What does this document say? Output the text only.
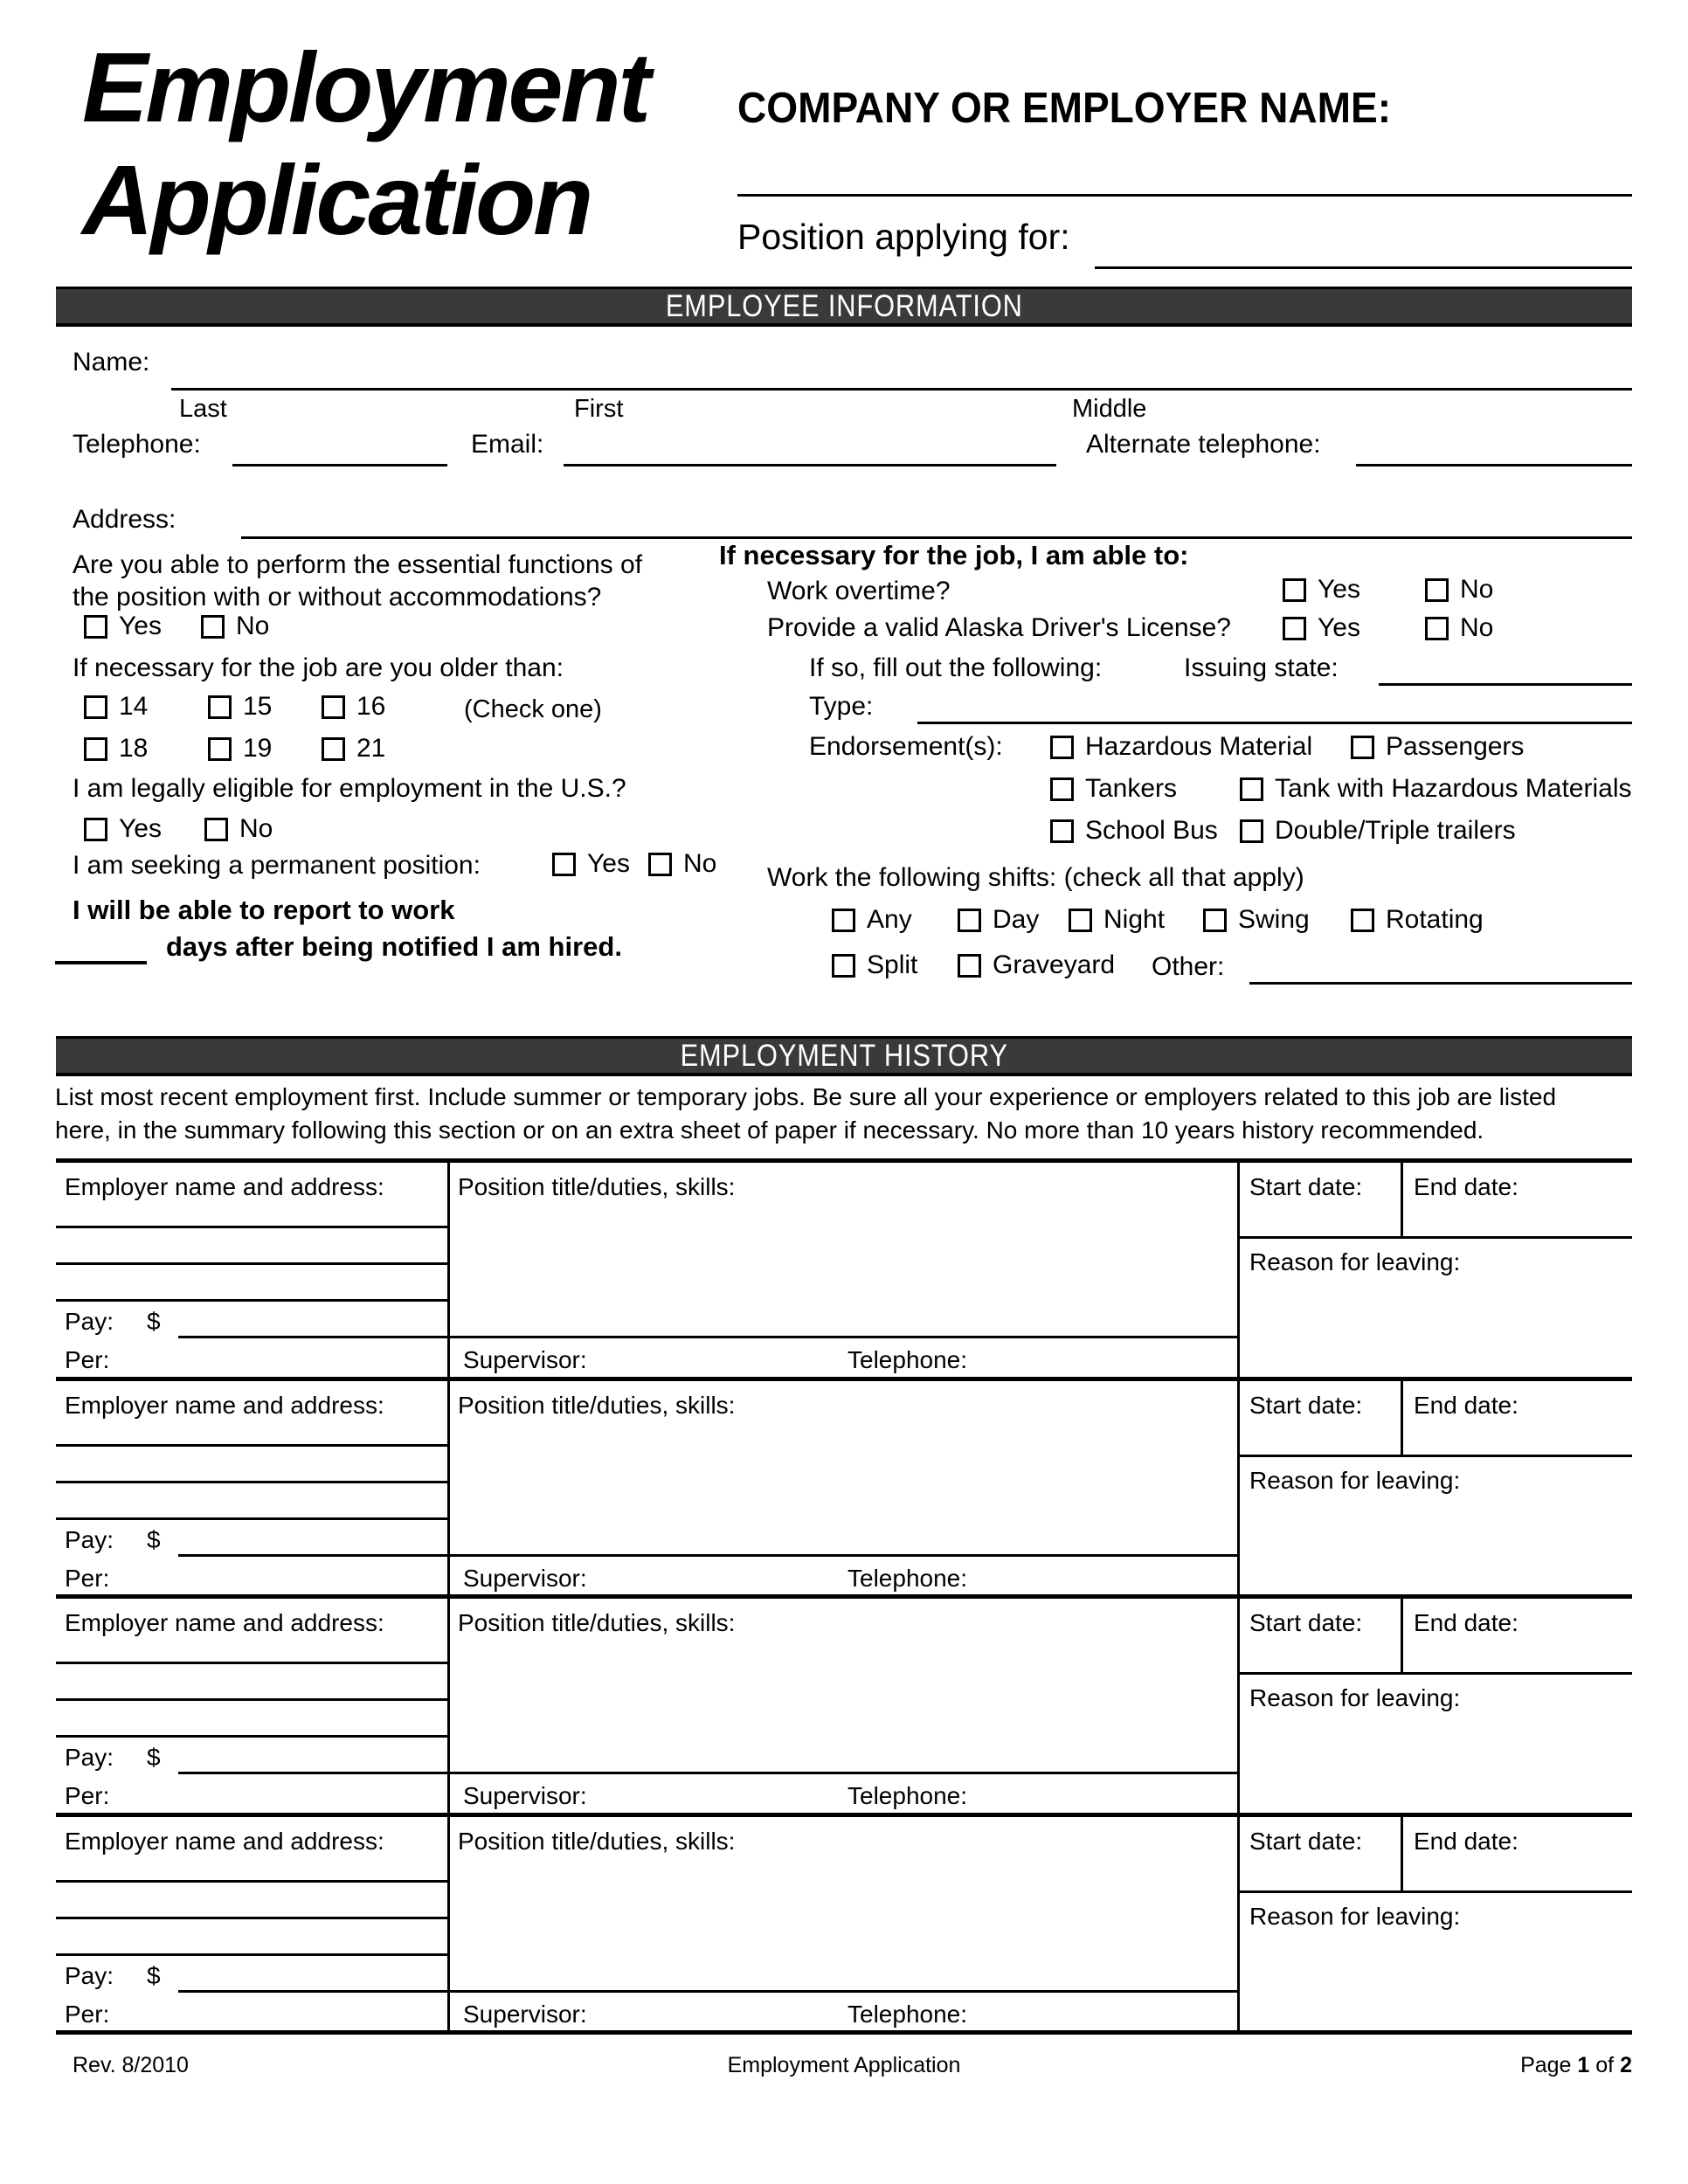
Employment
Application
COMPANY OR EMPLOYER NAME:
Position applying for:
EMPLOYEE INFORMATION
Name:
Last	First	Middle
Telephone:	Email:	Alternate telephone:
Address:
Are you able to perform the essential functions of
the position with or without accommodations?
Yes	No
If necessary for the job are you older than:
14	15	16	(Check one)
18	19	21
I am legally eligible for employment in the U.S.?
Yes	No
I am seeking a permanent position:	Yes No
I will be able to report to work
days after being notified I am hired.
If necessary for the job, I am able to:
Work overtime?	Yes	No
Provide a valid Alaska Driver's License?	Yes	No
If so, fill out the following:	Issuing state:
Type:
Endorsement(s):	Hazardous Material	Passengers
Tankers	Tank with Hazardous Materials
School Bus Double/Triple trailers
Work the following shifts: (check all that apply)
Any	Day Night	Swing	Rotating
Split	Graveyard Other:
EMPLOYMENT HISTORY
List most recent employment first. Include summer or temporary jobs. Be sure all your experience or employers related to this job are listed
here, in the summary following this section or on an extra sheet of paper if necessary. No more than 10 years history recommended.
Employer name and address:	Position title/duties, skills:	Start date: End date:
Reason for leaving:
Pay: $
Per:	Supervisor:	Telephone:
Employer name and address:	Position title/duties, skills:	Start date: End date:
Reason for leaving:
Pay: $
Per:	Supervisor:	Telephone:
Employer name and address:	Position title/duties, skills:	Start date: End date:
Reason for leaving:
Pay: $
Per:	Supervisor:	Telephone:
Employer name and address:	Position title/duties, skills:	Start date: End date:
Reason for leaving:
Pay: $
Per:	Supervisor:	Telephone:
Rev. 8/2010	Employment Application	Page 1 of 2
